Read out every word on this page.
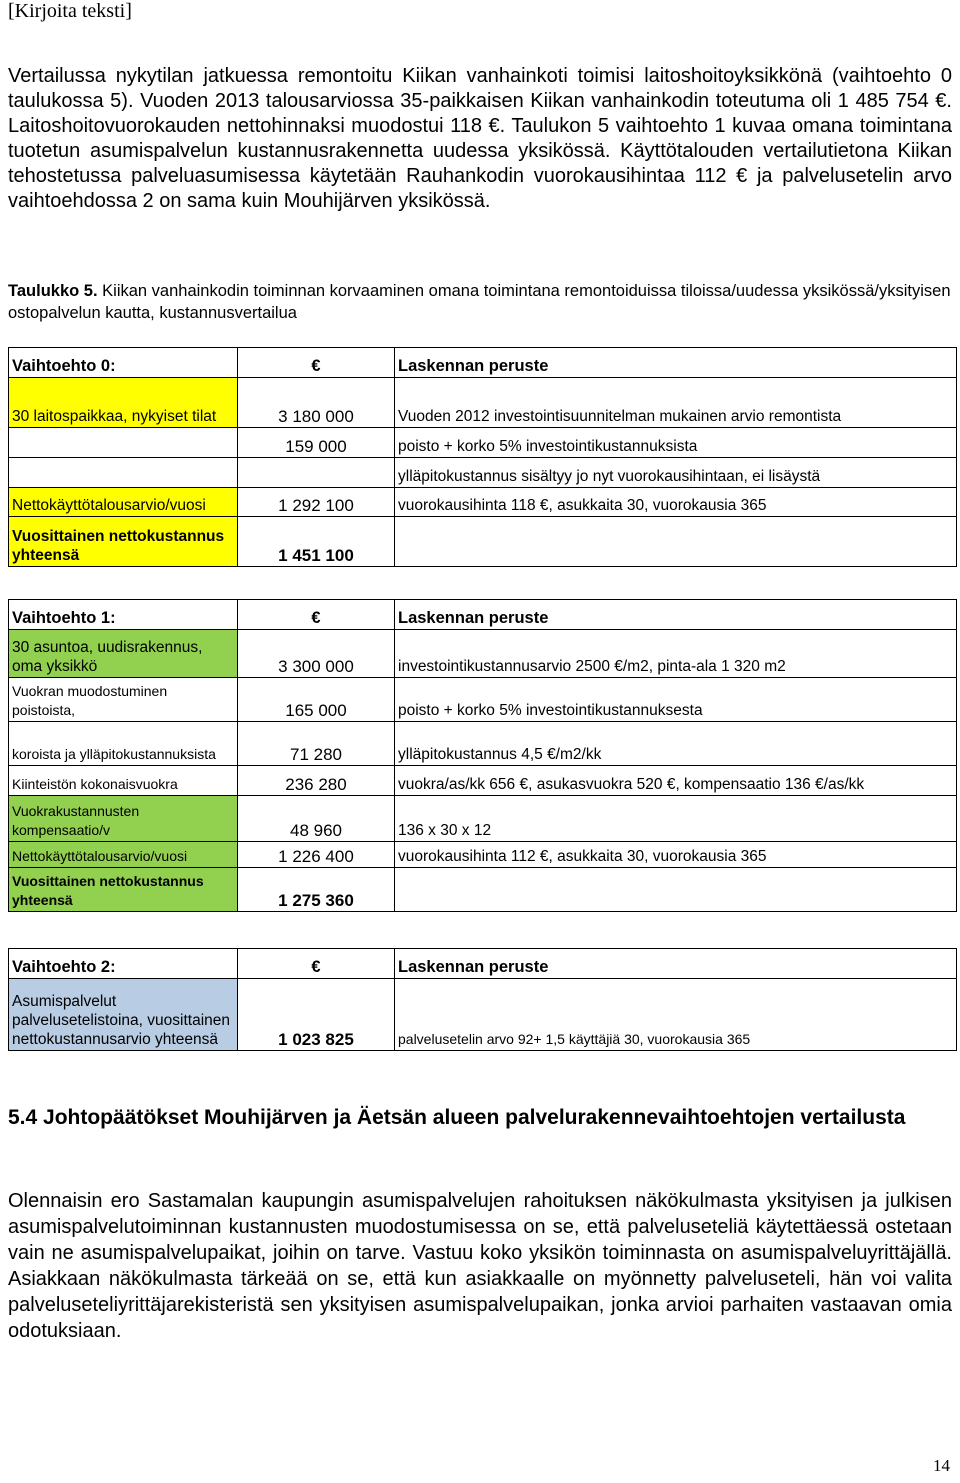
[Kirjoita teksti]
Vertailussa nykytilan jatkuessa remontoitu Kiikan vanhainkoti toimisi laitoshoitoyksikkönä (vaihtoehto 0 taulukossa 5). Vuoden 2013 talousarviossa 35-paikkaisen Kiikan vanhainkodin toteutuma oli 1 485 754 €. Laitoshoitovuorokauden nettohinnaksi muodostui 118 €. Taulukon 5 vaihtoehto 1 kuvaa omana toimintana tuotetun asumispalvelun kustannusrakennetta uudessa yksikössä. Käyttötalouden vertailutietona Kiikan tehostetussa palveluasumisessa käytetään Rauhankodin vuorokausihintaa 112 € ja palvelusetelin arvo vaihtoehdossa 2 on sama kuin Mouhijärven yksikössä.
Taulukko 5. Kiikan vanhainkodin toiminnan korvaaminen omana toimintana remontoiduissa tiloissa/uudessa yksikössä/yksityisen ostopalvelun kautta, kustannusvertailua
Vaihtoehto 0:	€	Laskennan peruste
30 laitospaikkaa, nykyiset tilat	3 180 000	Vuoden 2012 investointisuunnitelman mukainen arvio remontista
	159 000	poisto + korko 5% investointikustannuksista
		ylläpitokustannus sisältyy jo nyt vuorokausihintaan, ei lisäystä
Nettokäyttötalousarvio/vuosi	1 292 100	vuorokausihinta 118 €, asukkaita 30, vuorokausia 365
Vuosittainen nettokustannus yhteensä	1 451 100	
Vaihtoehto 1:	€	Laskennan peruste
30 asuntoa, uudisrakennus, oma yksikkö	3 300 000	investointikustannusarvio 2500 €/m2, pinta-ala 1 320 m2
Vuokran muodostuminen poistoista,	165 000	poisto + korko 5% investointikustannuksesta
koroista ja ylläpitokustannuksista	71 280	ylläpitokustannus 4,5 €/m2/kk
Kiinteistön kokonaisvuokra	236 280	vuokra/as/kk 656 €, asukasvuokra 520 €, kompensaatio 136 €/as/kk
Vuokrakustannusten kompensaatio/v	48 960	136 x 30 x 12
Nettokäyttötalousarvio/vuosi	1 226 400	vuorokausihinta 112 €, asukkaita 30, vuorokausia 365
Vuosittainen nettokustannus yhteensä	1 275 360	
Vaihtoehto 2:	€	Laskennan peruste
Asumispalvelut palvelusetelistoina, vuosittainen nettokustannusarvio yhteensä	1 023 825	palvelusetelin arvo 92+ 1,5 käyttäjiä 30, vuorokausia 365
5.4 Johtopäätökset Mouhijärven ja Äetsän alueen palvelurakennevaihtoehtojen vertailusta
Olennaisin ero Sastamalan kaupungin asumispalvelujen rahoituksen näkökulmasta yksityisen ja julkisen asumispalvelutoiminnan kustannusten muodostumisessa on se, että palveluseteliä käytettäessä ostetaan vain ne asumispalvelupaikat, joihin on tarve. Vastuu koko yksikön toiminnasta on asumispalveluyrittäjällä. Asiakkaan näkökulmasta tärkeää on se, että kun asiakkaalle on myönnetty palveluseteli, hän voi valita palveluseteliyrittäjarekisteristä sen yksityisen asumispalvelupaikan, jonka arvioi parhaiten vastaavan omia odotuksiaan.
14
